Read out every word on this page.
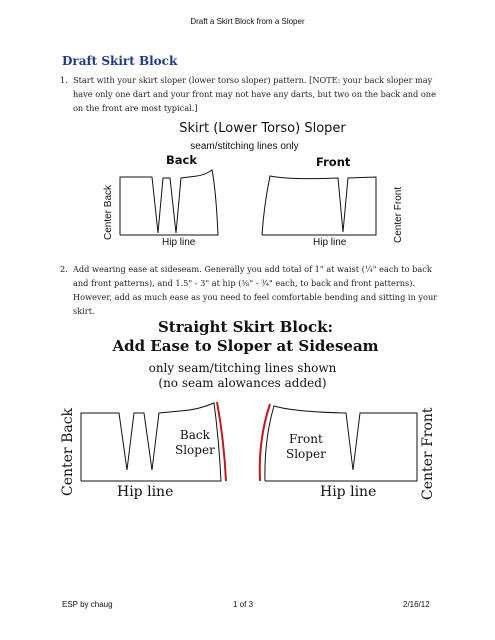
Draft a Skirt Block from a Sloper
Draft Skirt Block
1. Start with your skirt sloper (lower torso sloper) pattern. [NOTE: your back sloper may have only one dart and your front may not have any darts, but two on the back and one on the front are most typical.]
Skirt (Lower Torso) Sloper
seam/stitching lines only
Back	Front
Center Back	Center Front
Hip line	Hip line
2. Add wearing ease at sideseam. Generally you add total of 1" at waist (¼" each to back and front patterns), and 1.5" - 3" at hip (⅜" - ¾" each, to back and front patterns). However, add as much ease as you need to feel comfortable bending and sitting in your skirt.
Straight Skirt Block:
Add Ease to Sloper at Sideseam
only seam/titching lines shown
(no seam alowances added)
Back
Sloper
Front
Sloper
Center Back	Center Front
Hip line	Hip line
ESP by chaug	1 of 3	2/16/12
